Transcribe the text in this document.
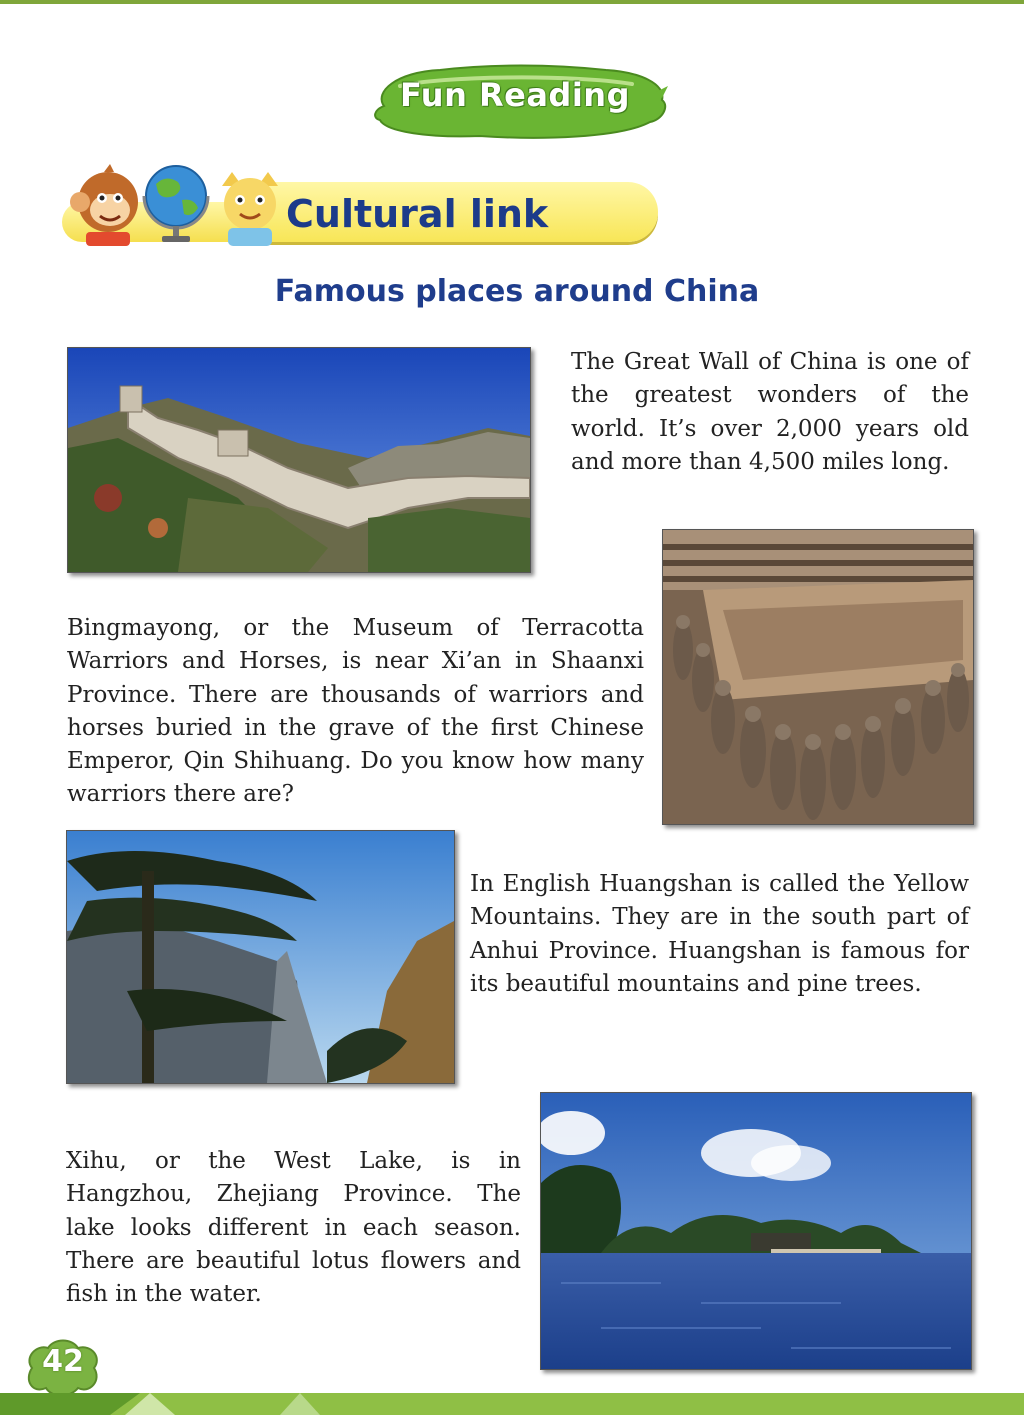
Fun Reading
Cultural link
Famous places around China

The Great Wall of China is one of the greatest wonders of the world. It’s over 2,000 years old and more than 4,500 miles long.

Bingmayong, or the Museum of Terracotta Warriors and Horses, is near Xi’an in Shaanxi Province. There are thousands of warriors and horses buried in the grave of the first Chinese Emperor, Qin Shihuang. Do you know how many warriors there are?

In English Huangshan is called the Yellow Mountains. They are in the south part of Anhui Province. Huangshan is famous for its beautiful mountains and pine trees.

Xihu, or the West Lake, is in Hangzhou, Zhejiang Province. The lake looks different in each season. There are beautiful lotus flowers and fish in the water.

42
